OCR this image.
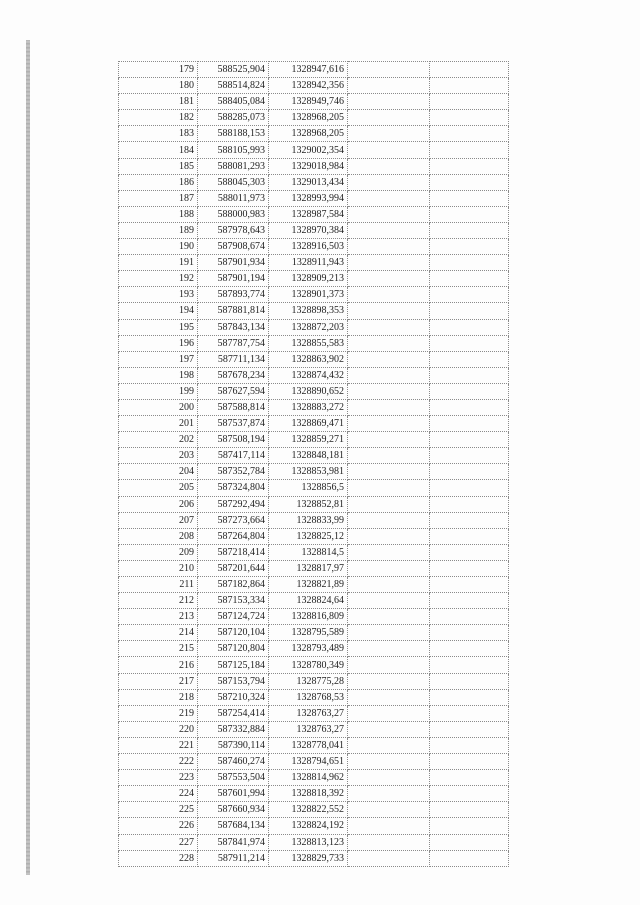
179	588525,904	1328947,616		
180	588514,824	1328942,356		
181	588405,084	1328949,746		
182	588285,073	1328968,205		
183	588188,153	1328968,205		
184	588105,993	1329002,354		
185	588081,293	1329018,984		
186	588045,303	1329013,434		
187	588011,973	1328993,994		
188	588000,983	1328987,584		
189	587978,643	1328970,384		
190	587908,674	1328916,503		
191	587901,934	1328911,943		
192	587901,194	1328909,213		
193	587893,774	1328901,373		
194	587881,814	1328898,353		
195	587843,134	1328872,203		
196	587787,754	1328855,583		
197	587711,134	1328863,902		
198	587678,234	1328874,432		
199	587627,594	1328890,652		
200	587588,814	1328883,272		
201	587537,874	1328869,471		
202	587508,194	1328859,271		
203	587417,114	1328848,181		
204	587352,784	1328853,981		
205	587324,804	1328856,5		
206	587292,494	1328852,81		
207	587273,664	1328833,99		
208	587264,804	1328825,12		
209	587218,414	1328814,5		
210	587201,644	1328817,97		
211	587182,864	1328821,89		
212	587153,334	1328824,64		
213	587124,724	1328816,809		
214	587120,104	1328795,589		
215	587120,804	1328793,489		
216	587125,184	1328780,349		
217	587153,794	1328775,28		
218	587210,324	1328768,53		
219	587254,414	1328763,27		
220	587332,884	1328763,27		
221	587390,114	1328778,041		
222	587460,274	1328794,651		
223	587553,504	1328814,962		
224	587601,994	1328818,392		
225	587660,934	1328822,552		
226	587684,134	1328824,192		
227	587841,974	1328813,123		
228	587911,214	1328829,733		
